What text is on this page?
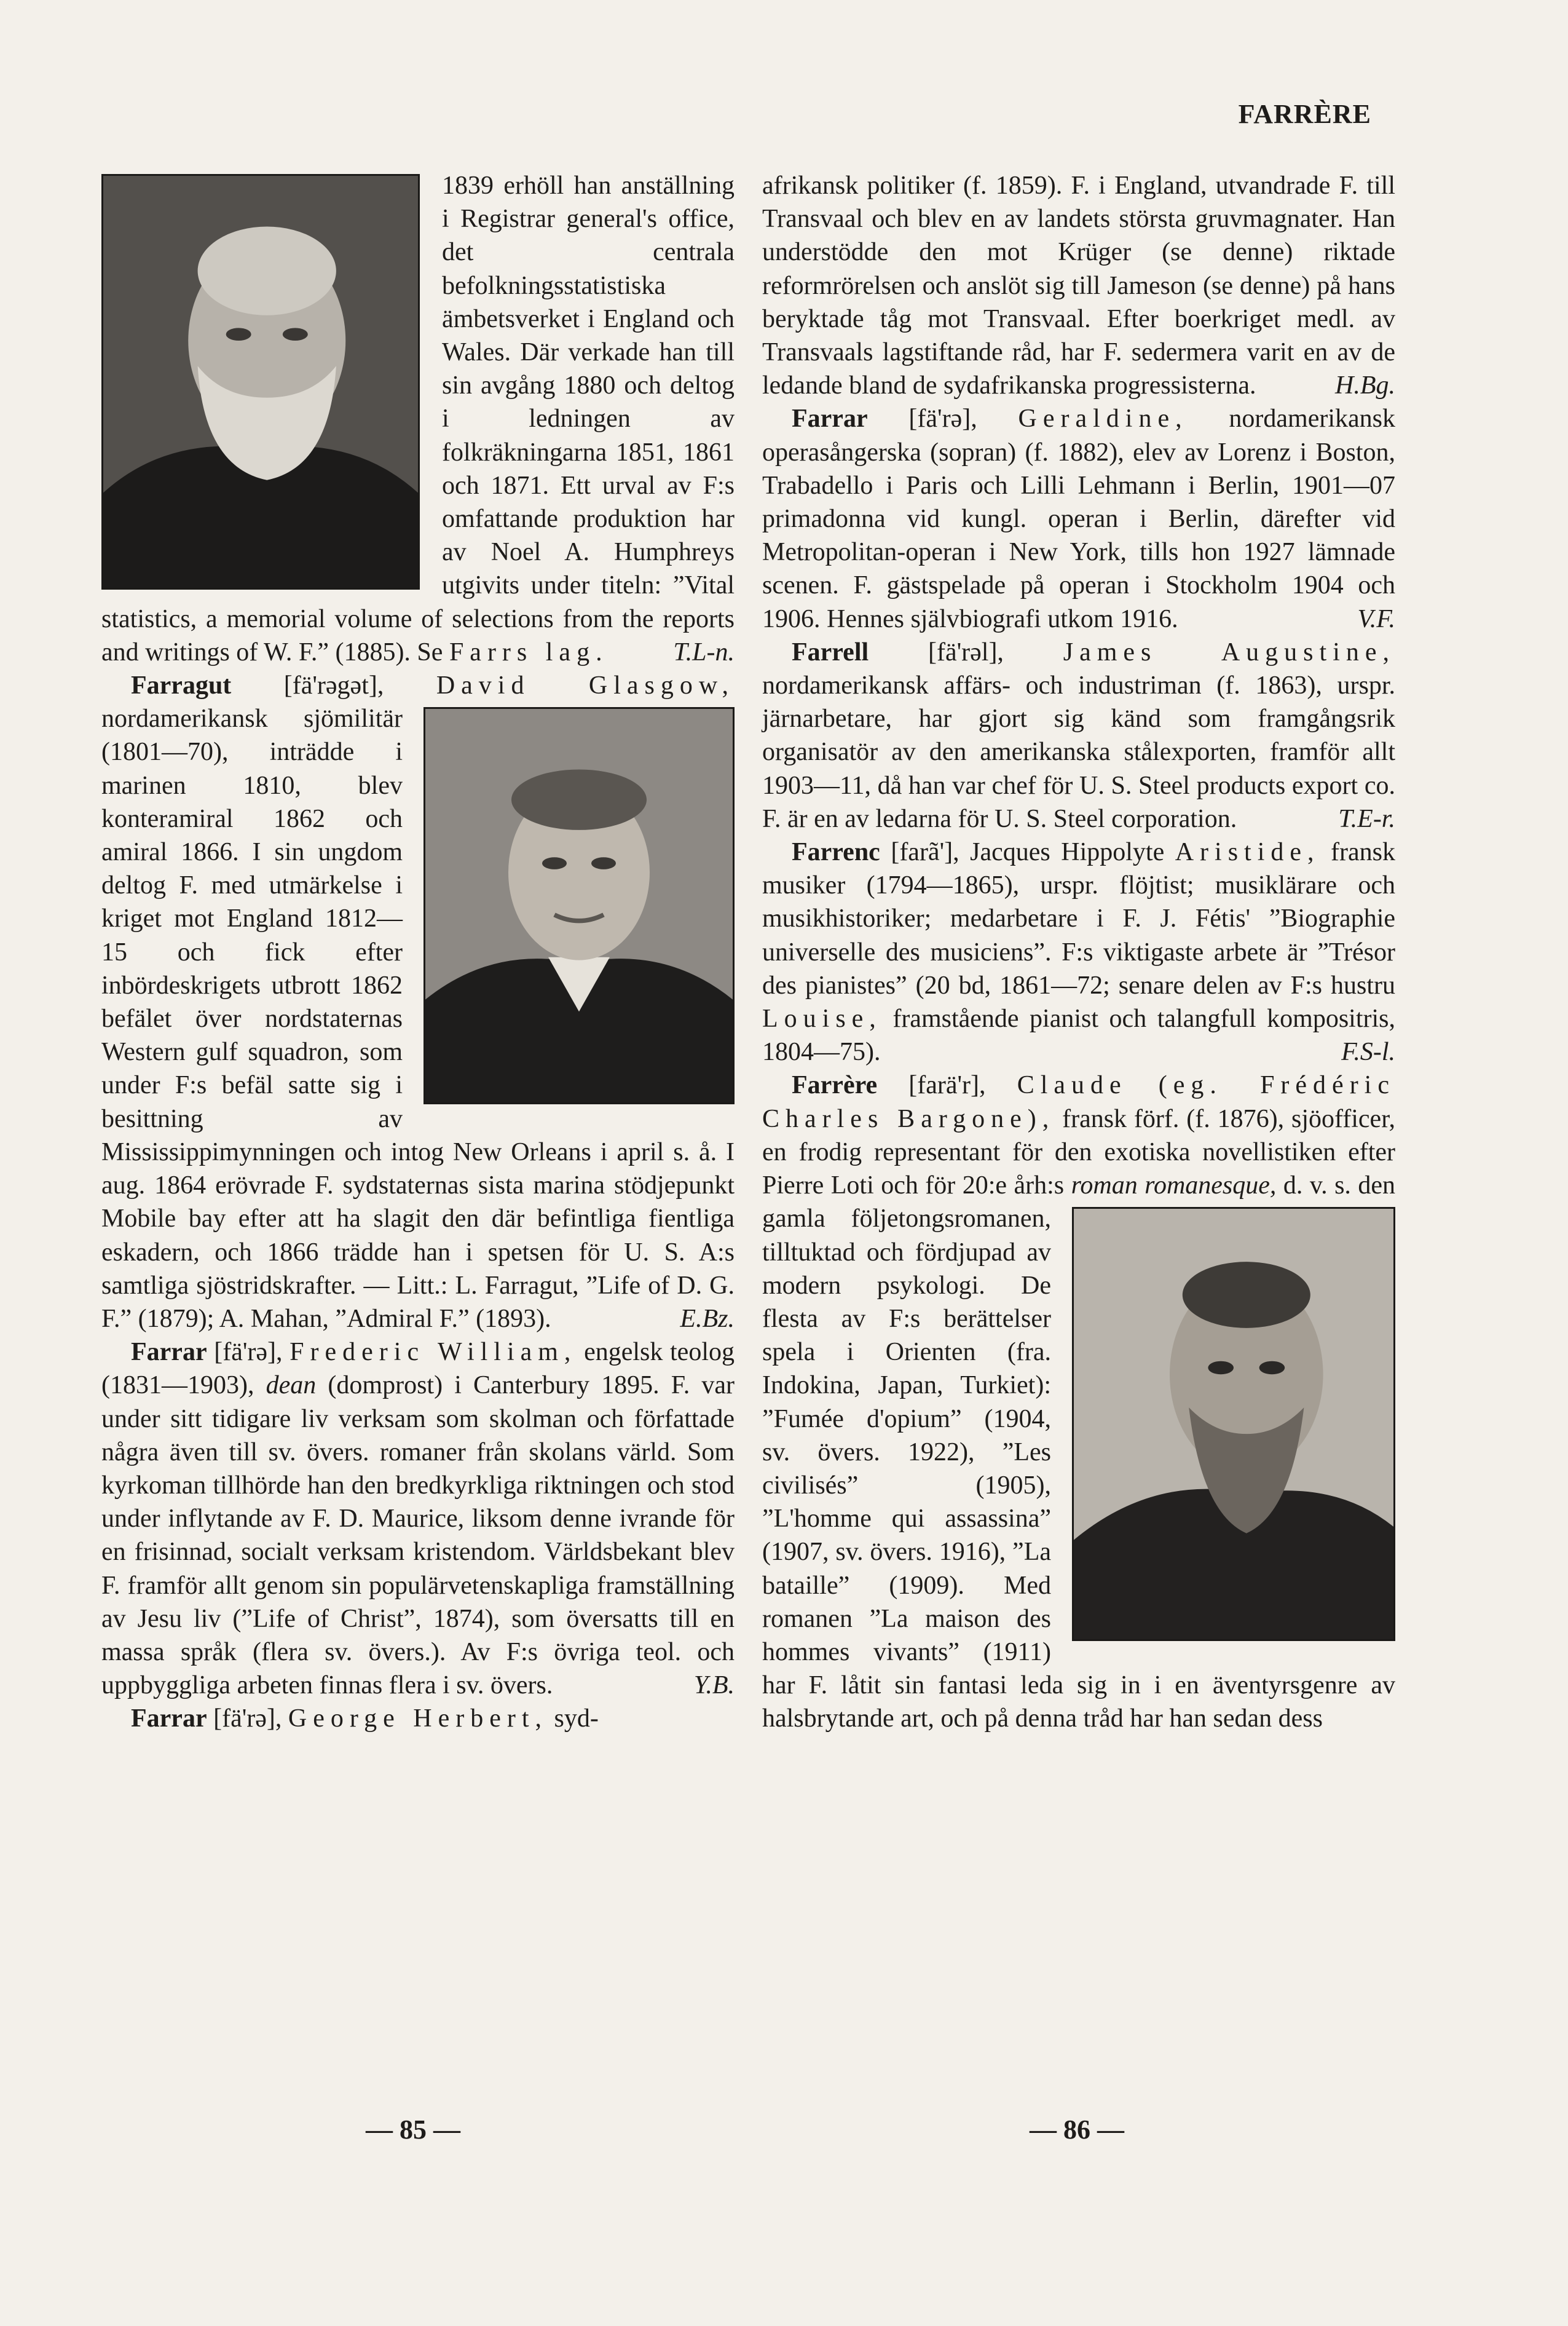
FARRÈRE

1839 erhöll han anställning i Registrar general's office, det centrala befolkningsstatistiska ämbetsverket i England och Wales. Där verkade han till sin avgång 1880 och deltog i ledningen av folkräkningarna 1851, 1861 och 1871. Ett urval av F:s omfattande produktion har av Noel A. Humphreys utgivits under titeln: ”Vital statistics, a memorial volume of selections from the reports and writings of W. F.” (1885). Se Farrs lag.	T.L-n.

Farragut [fä'rəgət], David Glasgow,
nordamerikansk sjömilitär (1801—70), inträdde i marinen 1810, blev konteramiral 1862 och amiral 1866. I sin ungdom deltog F. med utmärkelse i kriget mot England 1812—15 och fick efter inbördeskrigets utbrott 1862 befälet över nordstaternas Western gulf squadron, som under F:s befäl satte sig i besittning av Mississippimynningen och intog New Orleans i april s. å. I aug. 1864 erövrade F. sydstaternas sista marina stödjepunkt Mobile bay efter att ha slagit den där befintliga fientliga eskadern, och 1866 trädde han i spetsen för U. S. A:s samtliga sjöstridskrafter. — Litt.: L. Farragut, ”Life of D. G. F.” (1879); A. Mahan, ”Admiral F.” (1893).	E.Bz.

Farrar [fä'rə], Frederic William, engelsk teolog (1831—1903), dean (domprost) i Canterbury 1895. F. var under sitt tidigare liv verksam som skolman och författade några även till sv. övers. romaner från skolans värld. Som kyrkoman tillhörde han den bredkyrkliga riktningen och stod under inflytande av F. D. Maurice, liksom denne ivrande för en frisinnad, socialt verksam kristendom. Världsbekant blev F. framför allt genom sin populärvetenskapliga framställning av Jesu liv (”Life of Christ”, 1874), som översatts till en massa språk (flera sv. övers.). Av F:s övriga teol. och uppbyggliga arbeten finnas flera i sv. övers.	Y.B.

Farrar [fä'rə], George Herbert, syd-

afrikansk politiker (f. 1859). F. i England, utvandrade F. till Transvaal och blev en av landets största gruvmagnater. Han understödde den mot Krüger (se denne) riktade reformrörelsen och anslöt sig till Jameson (se denne) på hans beryktade tåg mot Transvaal. Efter boerkriget medl. av Transvaals lagstiftande råd, har F. sedermera varit en av de ledande bland de sydafrikanska progressisterna.	H.Bg.

Farrar [fä'rə], Geraldine, nordamerikansk operasångerska (sopran) (f. 1882), elev av Lorenz i Boston, Trabadello i Paris och Lilli Lehmann i Berlin, 1901—07 primadonna vid kungl. operan i Berlin, därefter vid Metropolitan-operan i New York, tills hon 1927 lämnade scenen. F. gästspelade på operan i Stockholm 1904 och 1906. Hennes självbiografi utkom 1916.	V.F.

Farrell [fä'rəl], James Augustine, nordamerikansk affärs- och industriman (f. 1863), urspr. järnarbetare, har gjort sig känd som framgångsrik organisatör av den amerikanska stålexporten, framför allt 1903—11, då han var chef för U. S. Steel products export co. F. är en av ledarna för U. S. Steel corporation.	T.E-r.

Farrenc [farã'], Jacques Hippolyte Aristide, fransk musiker (1794—1865), urspr. flöjtist; musiklärare och musikhistoriker; medarbetare i F. J. Fétis' ”Biographie universelle des musiciens”. F:s viktigaste arbete är ”Trésor des pianistes” (20 bd, 1861—72; senare delen av F:s hustru Louise, framstående pianist och talangfull kompositris, 1804—75).	F.S-l.

Farrère [farä'r], Claude (eg. Frédéric Charles Bargone), fransk förf. (f. 1876), sjöofficer, en frodig representant för den exotiska novellistiken efter Pierre Loti och för 20:e årh:s roman romanesque, d. v. s. den gamla följetongsromanen, tilltuktad och fördjupad av modern psykologi. De flesta av F:s berättelser spela i Orienten (fra. Indokina, Japan, Turkiet): ”Fumée d'opium” (1904, sv. övers. 1922), ”Les civilisés” (1905), ”L'homme qui assassina” (1907, sv. övers. 1916), ”La bataille” (1909). Med romanen ”La maison des hommes vivants” (1911) har F. låtit sin fantasi leda sig in i en äventyrsgenre av halsbrytande art, och på denna tråd har han sedan dess

— 85 —	— 86 —
